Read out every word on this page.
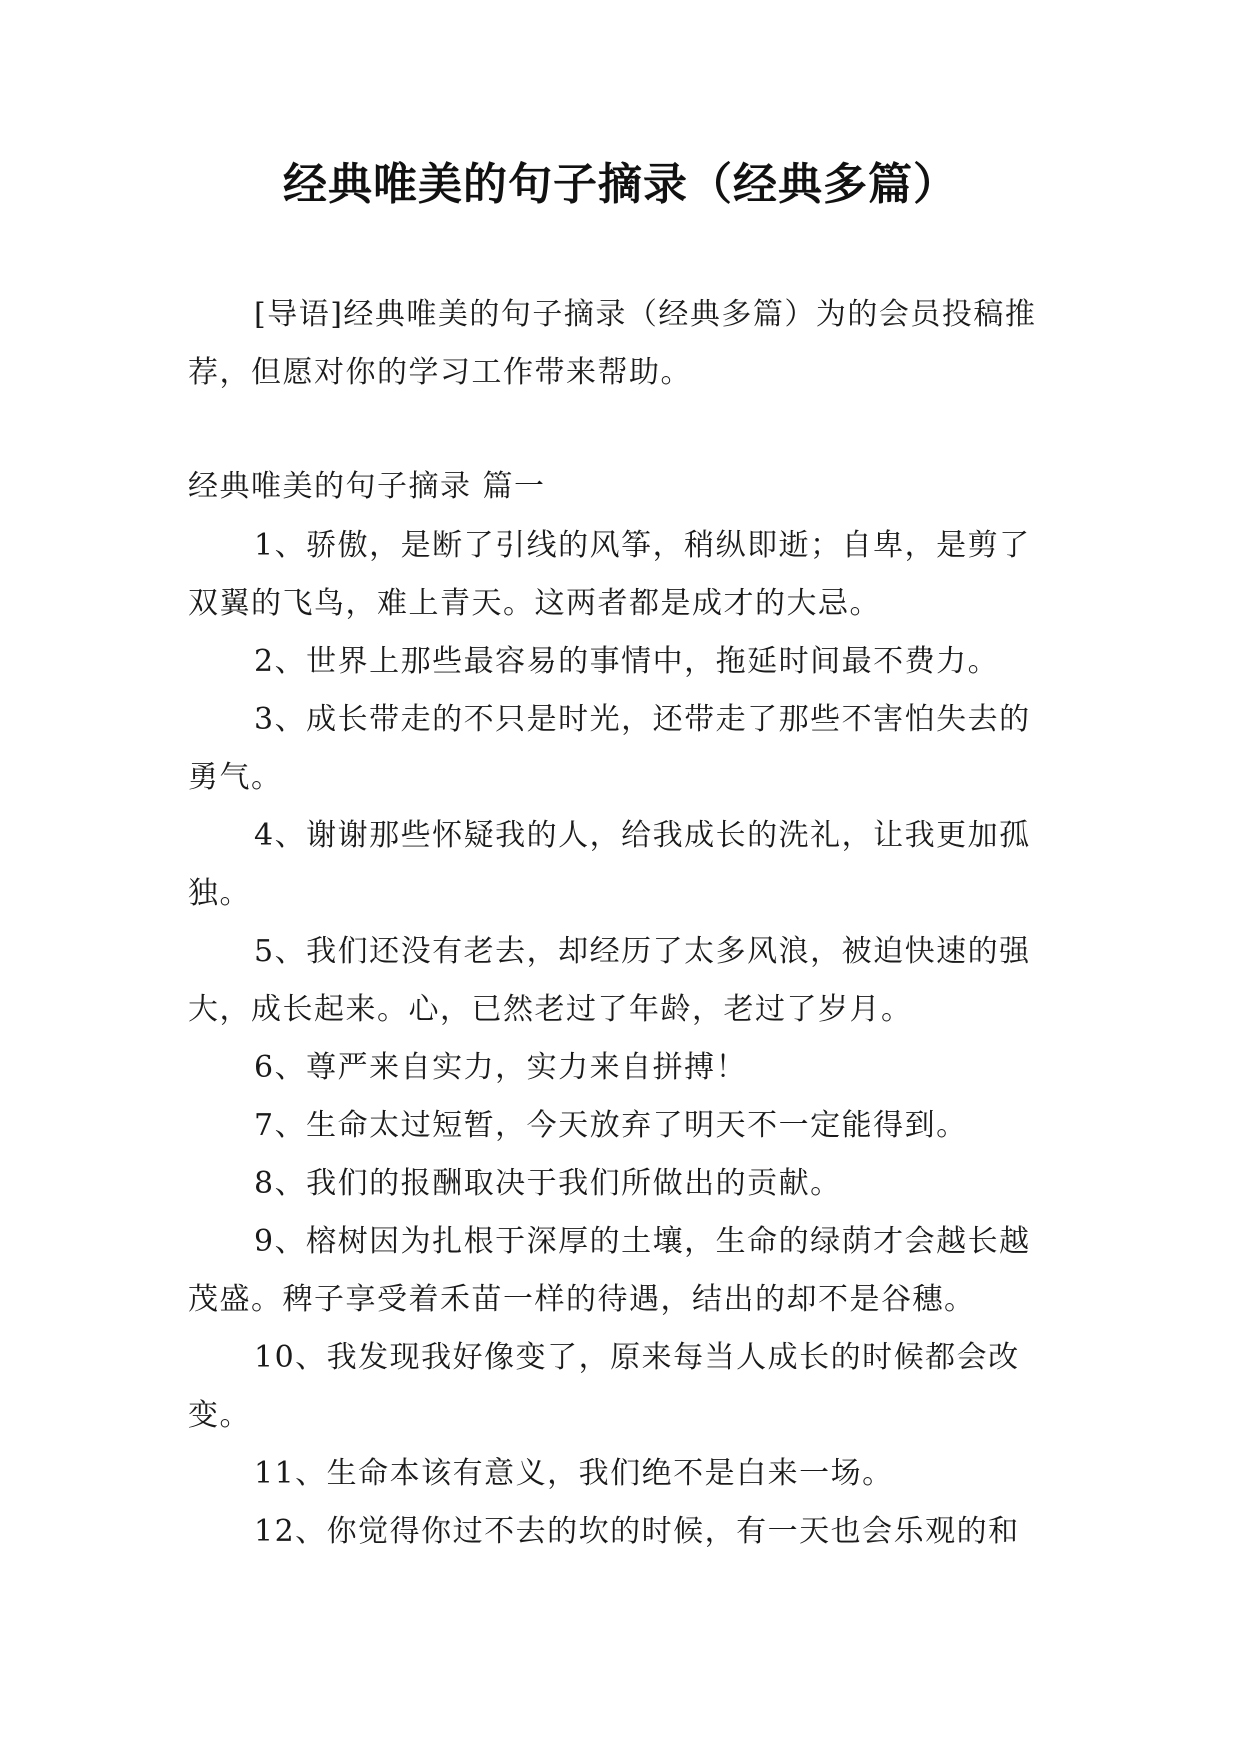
经典唯美的句子摘录（经典多篇）
[导语]经典唯美的句子摘录（经典多篇）为的会员投稿推荐，但愿对你的学习工作带来帮助。
经典唯美的句子摘录 篇一

1、骄傲，是断了引线的风筝，稍纵即逝；自卑，是剪了双翼的飞鸟，难上青天。这两者都是成才的大忌。

2、世界上那些最容易的事情中，拖延时间最不费力。

3、成长带走的不只是时光，还带走了那些不害怕失去的勇气。

4、谢谢那些怀疑我的人，给我成长的洗礼，让我更加孤独。

5、我们还没有老去，却经历了太多风浪，被迫快速的强大，成长起来。心，已然老过了年龄，老过了岁月。

6、尊严来自实力，实力来自拼搏！

7、生命太过短暂，今天放弃了明天不一定能得到。

8、我们的报酬取决于我们所做出的贡献。

9、榕树因为扎根于深厚的土壤，生命的绿荫才会越长越茂盛。稗子享受着禾苗一样的待遇，结出的却不是谷穗。

10、我发现我好像变了，原来每当人成长的时候都会改变。

11、生命本该有意义，我们绝不是白来一场。

12、你觉得你过不去的坎的时候，有一天也会乐观的和
